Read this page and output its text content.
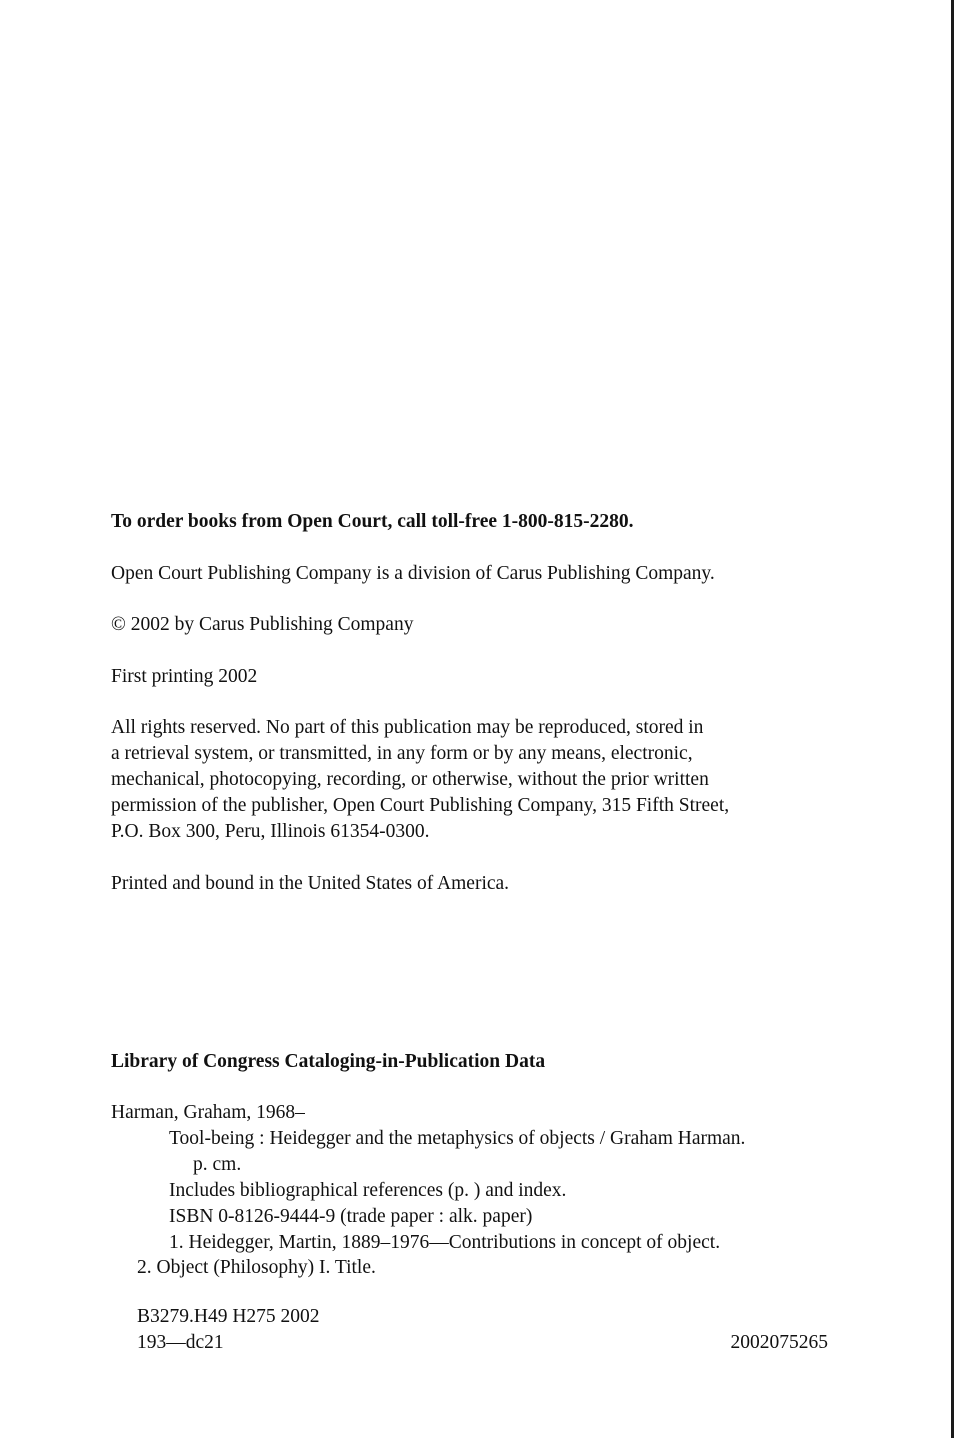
To order books from Open Court, call toll-free 1-800-815-2280.
Open Court Publishing Company is a division of Carus Publishing Company.
© 2002 by Carus Publishing Company
First printing 2002
All rights reserved. No part of this publication may be reproduced, stored in
a retrieval system, or transmitted, in any form or by any means, electronic,
mechanical, photocopying, recording, or otherwise, without the prior written
permission of the publisher, Open Court Publishing Company, 315 Fifth Street,
P.O. Box 300, Peru, Illinois 61354-0300.
Printed and bound in the United States of America.
Library of Congress Cataloging-in-Publication Data
Harman, Graham, 1968–
Tool-being : Heidegger and the metaphysics of objects / Graham Harman.
p. cm.
Includes bibliographical references (p. ) and index.
ISBN 0-8126-9444-9 (trade paper : alk. paper)
1. Heidegger, Martin, 1889–1976—Contributions in concept of object.
2. Object (Philosophy) I. Title.
B3279.H49 H275 2002
193—dc21	2002075265
